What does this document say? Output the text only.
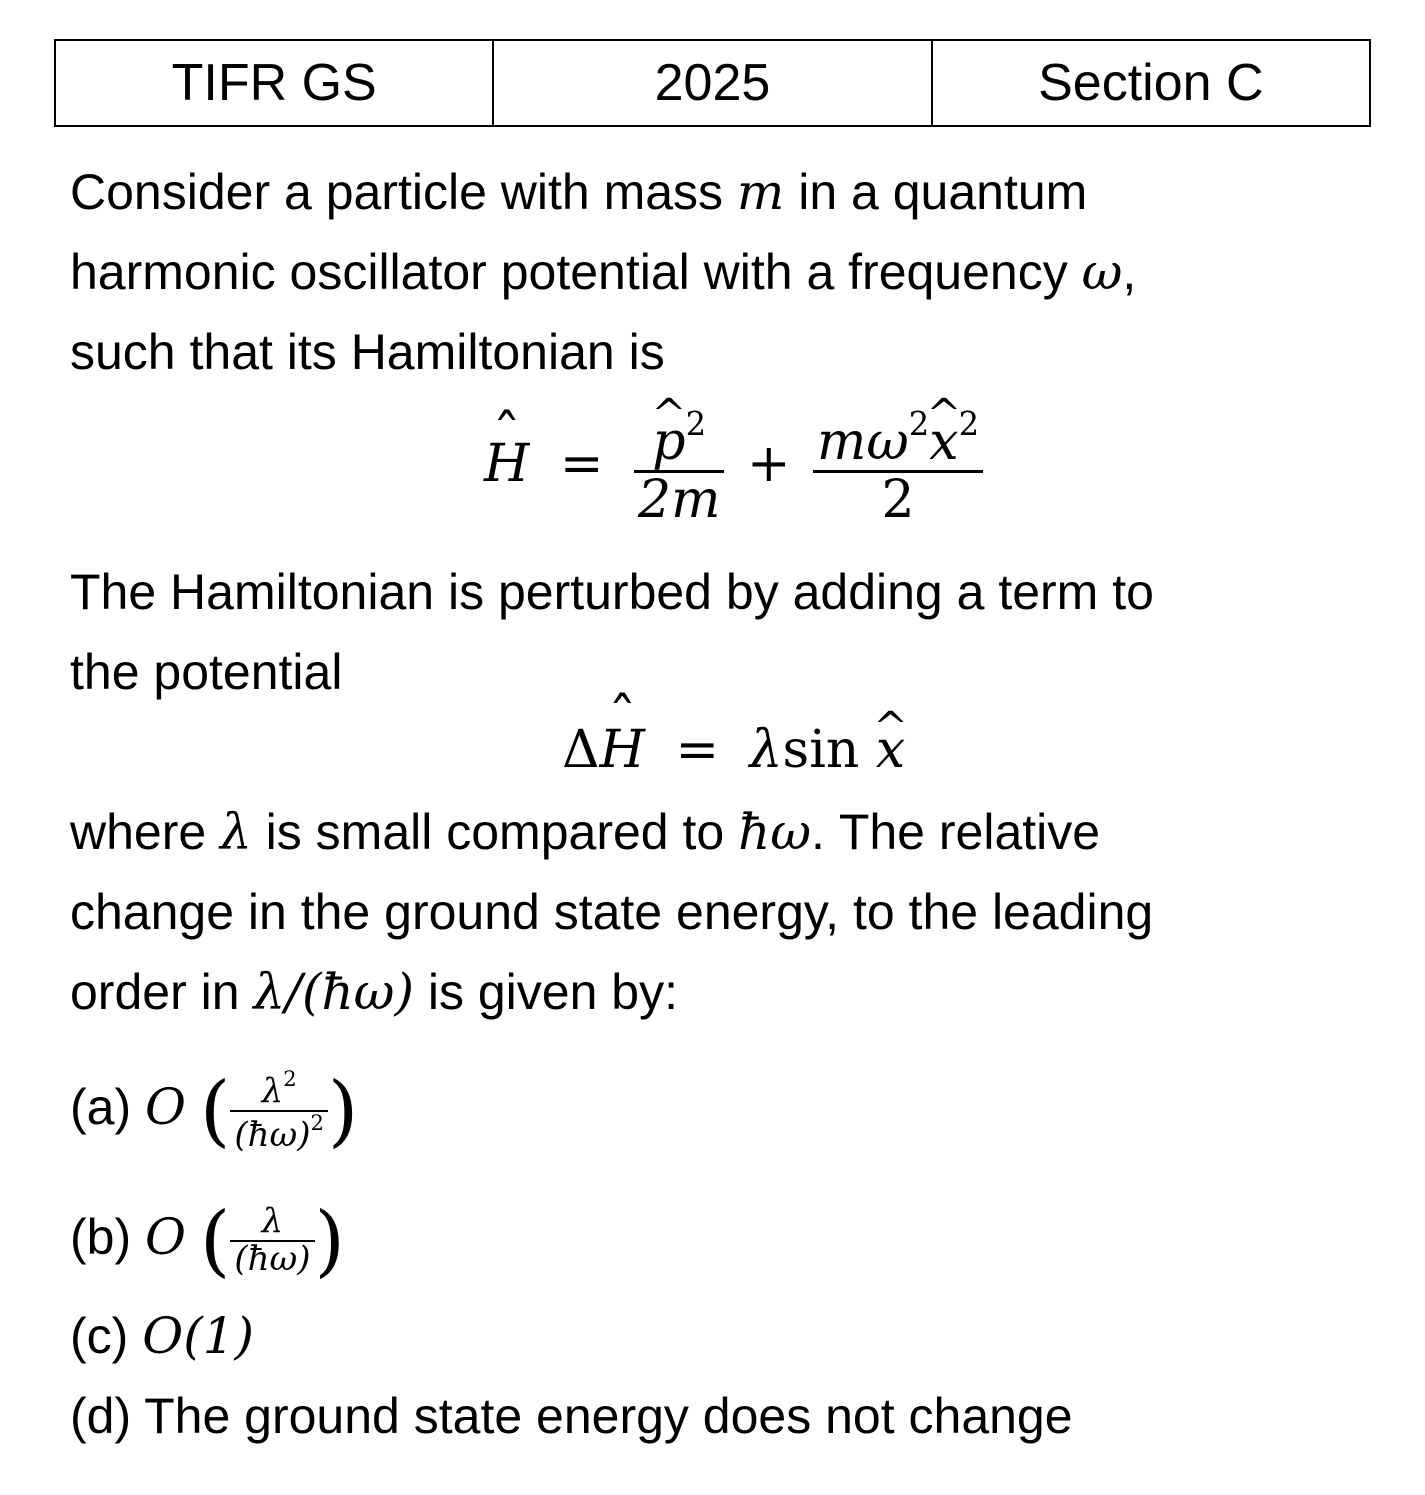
TIFR GS	2025	Section C
Consider a particle with mass m in a quantum
harmonic oscillator potential with a frequency ω,
such that its Hamiltonian is
ˆ H = ^ $\frac{p^2}{2m} + \frac{m\omega^2\^{} x^2}{2}$
The Hamiltonian is perturbed by adding a term to
the potential
Δˆ H = λsin ^ x
where λ is small compared to ħω. The relative
change in the ground state energy, to the leading
order in λ/(ħω) is given by:
(a) O ( $\frac{\lambda^2}{(ħ\omega)^2}$ )
(b) O ( $\frac{\lambda}{(ħ\omega)}$ )
(c) O(1)
(d) The ground state energy does not change
